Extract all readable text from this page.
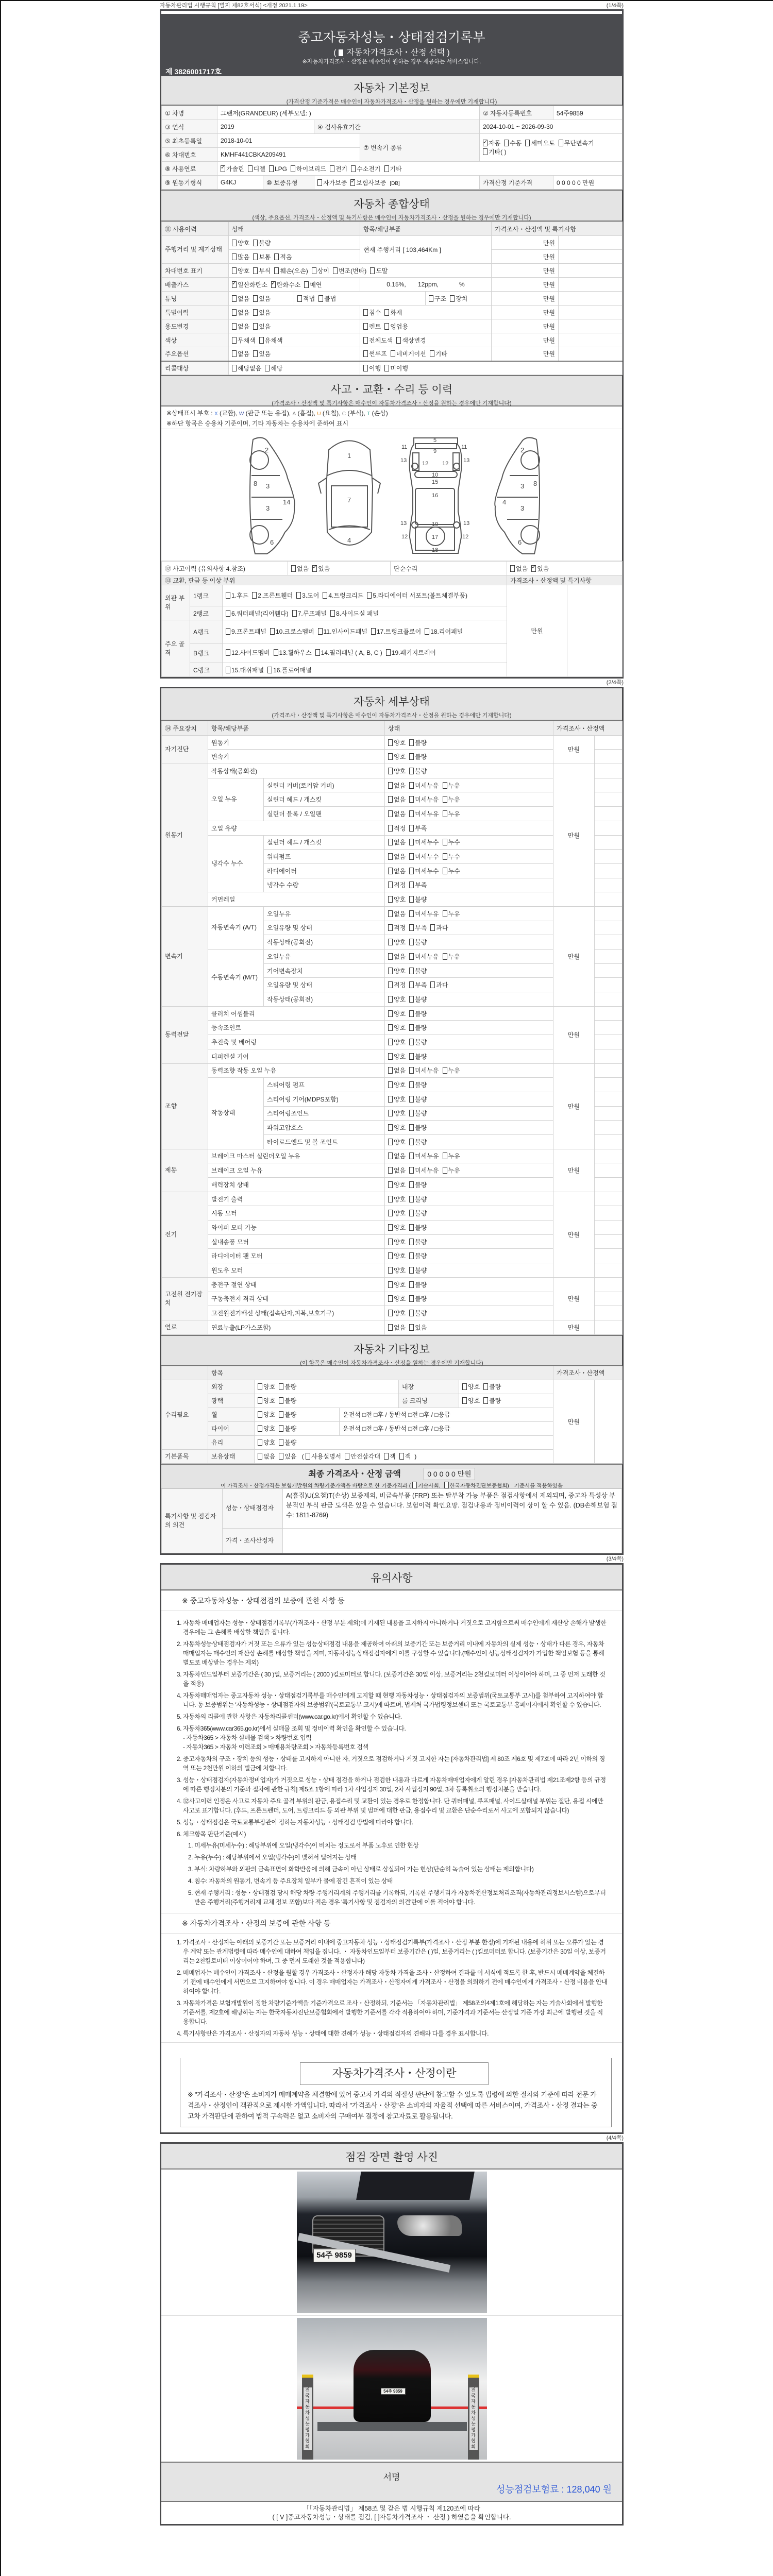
자동차관리법 시행규칙 [별지 제82호서식] <개정 2021.1.19>	(1/4쪽)
중고자동차성능・상태점검기록부
( 자동차가격조사・산정 선택 )
※자동차가격조사・산정은 매수인이 원하는 경우 제공하는 서비스입니다.
제 3826001717호
자동차 기본정보
(가격산정 기준가격은 매수인이 자동차가격조사・산정을 원하는 경우에만 기재합니다)
① 차명	그랜저(GRANDEUR) (세부모델: )				② 자동차등록번호	54주9859
③ 연식	2019		④ 검사유효기간		2024-10-01 ~ 2026-09-30	
⑤ 최초등록일	2018-10-01			⑦ 변속기 종류	✓자동 수동 세미오토 무단변속기기타( )
⑥ 차대번호	KMHF441CBKA209491					
⑧ 사용연료	✓가솔린 디젤 LPG 하이브리드 전기 수소전기 기타
⑨ 원동기형식	G4KJ	⑩ 보증유형	자가보증 ✓ 보험사보증 [DB]		가격산정 기준가격	0 0 0 0 0 만원
자동차 종합상태
(색상, 주요옵션, 가격조사・산정액 및 특기사항은 매수인이 자동차가격조사・산정을 원하는 경우에만 기재합니다)
⑪ 사용이력	상태		항목/해당부품		가격조사・산정액 및 특기사항	
주행거리 및 계기상태	양호 불량		현재 주행거리 [ 103,464Km ]		만원	
	많음 보통 적음				만원	
차대번호 표기	양호 부식 훼손(오손) 상이 변조(변타) 도말				만원	
배출가스	✓일산화탄소 ✓ 탄화수소 매연		0.15%,       12ppm,            %		만원	
튜닝	없음 있음	적법 불법		구조 장치	만원	
특별이력	없음 있음		침수 화재		만원	
용도변경	없음 있음		렌트 영업용		만원	
색상	무채색 유채색		전체도색 색상변경		만원	
주요옵션	없음 있음		썬루프 네비게이션 기타		만원	
리콜대상	해당없음 해당		이행 미이행			
사고・교환・수리 등 이력
(가격조사・산정액 및 특기사항은 매수인이 자동차가격조사・산정을 원하는 경우에만 기재합니다)
※상태표시 부호 : X (교환), W (판금 또는 용접), A (흠집), U (요철), C (부식), T (손상)
※하단 항목은 승용차 기준이며, 기타 자동차는 승용차에 준하여 표시
2
3
3
8
14
6
1
7
4
5
9
11	11
12 12
13	13
10
15
16
19
13	13
12	12
17
18
2
3
3
8
4
6
⑫ 사고이력 (유의사항 4.참조)			없음 ✓ 있음	단순수리	없음 ✓ 있음
⑬ 교환, 판금 등 이상 부위					가격조사・산정액 및 특기사항	
외판 부위	1랭크	1.후드 2.프론트휀더 3.도어 4.트렁크리드 5.라디에이터 서포트(볼트체결부품)			만원	
	2랭크	6.쿼터패널(리어휀다) 7.루프패널 8.사이드실 패널				
주요 골격	A랭크	9.프론트패널 10.크로스멤버 11.인사이드패널 17.트렁크플로어 18.리어패널				
	B랭크	12.사이드멤버 13.휠하우스 14.필러패널 ( A, B, C ) 19.패키지트레이				
	C랭크	15.대쉬패널 16.플로어패널				
(2/4쪽)
자동차 세부상태
(가격조사・산정액 및 특기사항은 매수인이 자동차가격조사・산정을 원하는 경우에만 기재합니다)
⑭ 주요장치	항목/해당부품		상태	가격조사・산정액	
자기진단	원동기		양호 불량	만원	
	변속기		양호 불량		
원동기	작동상태(공회전)		양호 불량	만원	
	오일 누유	실린더 커버(로커암 커버)	없음 미세누유 누유		
		실린더 헤드 / 개스킷	없음 미세누유 누유		
		실린더 블록 / 오일팬	없음 미세누유 누유		
	오일 유량		적정 부족		
	냉각수 누수	실린더 헤드 / 개스킷	없음 미세누수 누수		
		워터펌프	없음 미세누수 누수		
		라디에이터	없음 미세누수 누수		
		냉각수 수량	적정 부족		
	커먼레일		양호 불량		
변속기	자동변속기 (A/T)	오일누유	없음 미세누유 누유	만원	
		오일유량 및 상태	적정 부족 과다		
		작동상태(공회전)	양호 불량		
	수동변속기 (M/T)	오일누유	없음 미세누유 누유		
		기어변속장치	양호 불량		
		오일유량 및 상태	적정 부족 과다		
		작동상태(공회전)	양호 불량		
동력전달	클러치 어셈블리		양호 불량	만원	
	등속조인트		양호 불량		
	추진축 및 베어링		양호 불량		
	디퍼렌셜 기어		양호 불량		
조향	동력조향 작동 오일 누유		없음 미세누유 누유	만원	
	작동상태	스티어링 펌프	양호 불량		
		스티어링 기어(MDPS포함)	양호 불량		
		스티어링조인트	양호 불량		
		파워고압호스	양호 불량		
		타이로드엔드 및 볼 조인트	양호 불량		
제동	브레이크 마스터 실린더오일 누유		없음 미세누유 누유	만원	
	브레이크 오일 누유		없음 미세누유 누유		
	배력장치 상태		양호 불량		
전기	발전기 출력		양호 불량	만원	
	시동 모터		양호 불량		
	와이퍼 모터 기능		양호 불량		
	실내송풍 모터		양호 불량		
	라디에이터 팬 모터		양호 불량		
	윈도우 모터		양호 불량		
고전원 전기장치	충전구 절연 상태		양호 불량	만원	
	구동축전지 격리 상태		양호 불량		
	고전원전기배선 상태(접속단자,피복,보호기구)		양호 불량		
연료	연료누출(LP가스포함)		없음 있음	만원	
자동차 기타정보
(이 항목은 매수인이 자동차가격조사・산정을 원하는 경우에만 기재합니다)
	항목					가격조사・산정액	
수리필요	외장	양호 불량		내장	양호 불량	만원	
	광택	양호 불량		룸 크리닝	양호 불량		
	휠	양호 불량	운전석 □전 □후 / 동반석 □전 □후 / □응급				
	타이어	양호 불량	운전석 □전 □후 / 동반석 □전 □후 / □응급				
	유리	양호 불량					
기본품목	보유상태	없음 있음 ( 사용설명서 안전삼각대 잭 잭 )					
최종 가격조사・산정 금액	0 0 0 0 0 만원
이 가격조사・산정가격은 보험개발원의 차량기준가액을 바탕으로 한 기준가격과 ( 기술사회, 한국자동차진단보증협회) 기준서를 적용하였음
특기사항 및 점검자의 의견	성능・상태점검자	A(흠집)U(요철)T(손상) 보증제외, 비금속부품 (FRP) 또는 탈부착 가능 부품은 점검사항에서 제외되며, 중고차 특성상 부분적인 부식 판금 도색은 있을 수 있습니다. 보험이력 확인요망. 점검내용과 정비이력이 상이 할 수 있음. (DB손해보험 접수: 1811-8769)
	가격・조사산정자	
(3/4쪽)
유의사항
※ 중고자동차성능・상태점검의 보증에 관한 사항 등
1. 자동차 매매업자는 성능・상태점검기록부(가격조사・산정 부분 제외)에 기재된 내용을 고지하지 아니하거나 거짓으로 고지함으로써 매수인에게 재산상 손해가 발생한 경우에는 그 손해를 배상할 책임을 집니다.
2. 자동차성능상태점검자가 거짓 또는 오류가 있는 성능상태점검 내용을 제공하여 아래의 보증기간 또는 보증거리 이내에 자동차의 실제 성능・상태가 다른 경우, 자동차매매업자는 매수인의 재산상 손해를 배상할 책임을 지며, 자동차성능상태점검자에게 이를 구상할 수 있습니다.(매수인이 성능상태점검자가 가입한 책임보험 등을 통해 별도로 배상받는 경우는 제외)
3. 자동차인도일부터 보증기간은 ( 30 )일, 보증거리는 ( 2000 )킬로미터로 합니다. (보증기간은 30일 이상, 보증거리는 2천킬로미터 이상이어야 하며, 그 중 먼저 도래한 것을 적용)
4. 자동차매매업자는 중고자동차 성능・상태점검기록부를 매수인에게 고지할 때 현행 자동차성능・상태점검자의 보증범위(국토교통부 고시)를 첨부하여 고지하여야 합니다. 동 보증범위는 '자동차성능・상태점검자의 보증범위'(국토교통부 고시)에 따르며, 법제처 국가법령정보센터 또는 국토교통부 홈페이지에서 확인할 수 있습니다.
5. 자동차의 리콜에 관한 사항은 자동차리콜센터(www.car.go.kr)에서 확인할 수 있습니다.
6. 자동차365(www.car365.go.kr)에서 실매물 조회 및 정비이력 확인을 확인할 수 있습니다.
- 자동차365 > 자동차 실매물 검색 > 차량번호 입력
- 자동차365 > 자동차 이력조회 > 매매용차량조회 > 자동차등록번호 검색
2. 중고자동차의 구조・장치 등의 성능・상태를 고지하지 아니한 자, 거짓으로 점검하거나 거짓 고지한 자는 [자동차관리법] 제 80조 제6호 및 제7호에 따라 2년 이하의 징역 또는 2천만원 이하의 벌금에 처합니다.
3. 성능・상태점검자(자동차정비업자)가 거짓으로 성능・상태 점검을 하거나 점검한 내용과 다르게 자동차매매업자에게 알린 경우 [자동차관리법 제21조제2항 등의 규정에 따른 행정처분의 기준과 절차에 관한 규칙] 제5조 1항에 따라 1차 사업정지 30일, 2차 사업정지 90일, 3차 등록취소의 행정처분을 받습니다.
4. ⑫사고이력 인정은 사고로 자동차 주요 골격 부위의 판금, 용접수리 및 교환이 있는 경우로 한정합니다. 단 쿼터패널, 루프패널, 사이드실패널 부위는 절단, 용접 시에만 사고로 표기합니다. (후드, 프론트펜더, 도어, 트렁크리드 등 외판 부위 및 범퍼에 대한 판금, 용접수리 및 교환은 단순수리로서 사고에 포함되지 않습니다)
5. 성능・상태점검은 국토교통부장관이 정하는 자동차성능・상태점검 방법에 따라야 합니다.
6. 체크항목 판단기준(예시)
1. 미세누유(미세누수) : 해당부위에 오일(냉각수)이 비치는 정도로서 부품 노후로 인한 현상
2. 누유(누수) : 해당부위에서 오일(냉각수)이 맺혀서 떨어지는 상태
3. 부식: 차량하부와 외판의 금속표면이 화학반응에 의해 금속이 아닌 상태로 상실되어 가는 현상(단순히 녹슬어 있는 상태는 제외합니다)
4. 침수: 자동차의 원동기, 변속기 등 주요장치 일부가 물에 잠긴 흔적이 있는 상태
5. 현재 주행거리 : 성능・상태점검 당시 해당 차량 주행거리계의 주행거리를 기록하되, 기록한 주행거리가 자동차전산정보처리조직(자동차관리정보시스템)으로부터 받은 주행거리(주행거리계 교체 정보 포함)보다 적은 경우 '특기사항 및 점검자의 의견'란에 이를 적어야 합니다.
※ 자동차가격조사・산정의 보증에 관한 사항 등
1. 가격조사・산정자는 아래의 보증기간 또는 보증거리 이내에 중고자동차 성능・상태점검기록부(가격조사・산정 부분 한정)에 기재된 내용에 허위 또는 오류가 있는 경우 계약 또는 관계법령에 따라 매수인에 대하여 책임을 집니다. ・ 자동차인도일부터 보증기간은 ( )일, 보증거리는 ( )킬로미터로 합니다. (보증기간은 30일 이상, 보증거리는 2천킬로미터 이상이어야 하며, 그 중 먼저 도래한 것을 적용합니다)
2. 매매업자는 매수인이 가격조사・산정을 원할 경우 가격조사・산정자가 해당 자동차 가격을 조사・산정하여 결과를 이 서식에 적도록 한 후, 반드시 매매계약을 체결하기 전에 매수인에게 서면으로 고지하여야 합니다. 이 경우 매매업자는 가격조사・산정자에게 가격조사・산정을 의뢰하기 전에 매수인에게 가격조사・산정 비용을 안내하여야 합니다.
3. 자동차가격은 보험개발원이 정한 차량기준가액을 기준가격으로 조사・산정하되, 기준서는 「자동차관리법」 제58조의4제1호에 해당하는 자는 기술사회에서 발행한 기준서를, 제2호에 해당하는 자는 한국자동차진단보증협회에서 발행한 기준서를 각각 적용하여야 하며, 기준가격과 기준서는 산정일 기준 가장 최근에 발행된 것을 적용합니다.
4. 특기사항란은 가격조사・산정자의 자동차 성능・상태에 대한 견해가 성능・상태점검자의 견해와 다를 경우 표시합니다.
자동차가격조사・산정이란
※ "가격조사・산정"은 소비자가 매매계약을 체결함에 있어 중고차 가격의 적절성 판단에 참고할 수 있도록 법령에 의한 절차와 기준에 따라 전문 가격조사・산정인이 객관적으로 제시한 가액입니다. 따라서 "가격조사・산정"은 소비자의 자율적 선택에 따른 서비스이며, 가격조사・산정 결과는 중고차 가격판단에 관하여 법적 구속력은 없고 소비자의 구매여부 결정에 참고자료로 활용됩니다.
(4/4쪽)
점검 장면 촬영 사진
54주 9859
54주 9859
전국자동차성능평가협회
전국자동차성능평가협회
서명
성능점검보험료 : 128,040 원
「「자동차관리법」 제58조 및 같은 법 시행규칙 제120조에 따라
( [ V ]중고자동차성능・상태를 점검, [ ]자동차가격조사 ・ 산정 ) 하였음을 확인합니다.
